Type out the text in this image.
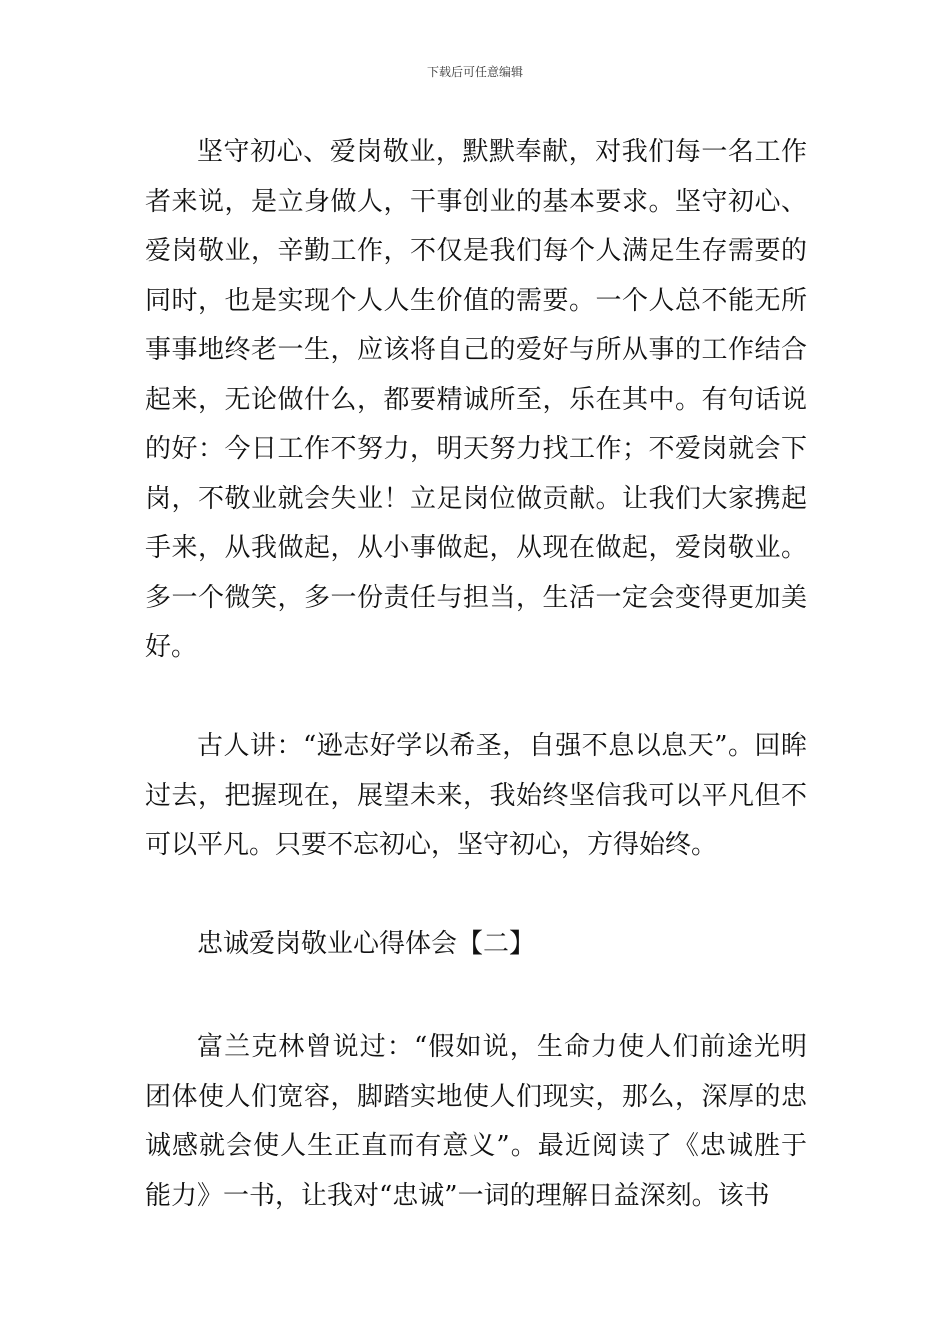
下载后可任意编辑

坚守初心、爱岗敬业，默默奉献，对我们每一名工作者来说，是立身做人，干事创业的基本要求。坚守初心、爱岗敬业，辛勤工作，不仅是我们每个人满足生存需要的同时，也是实现个人人生价值的需要。一个人总不能无所事事地终老一生，应该将自己的爱好与所从事的工作结合起来，无论做什么，都要精诚所至，乐在其中。有句话说的好：今日工作不努力，明天努力找工作；不爱岗就会下岗，不敬业就会失业！立足岗位做贡献。让我们大家携起手来，从我做起，从小事做起，从现在做起，爱岗敬业。多一个微笑，多一份责任与担当，生活一定会变得更加美好。

古人讲：“逊志好学以希圣，自强不息以息天”。回眸过去，把握现在，展望未来，我始终坚信我可以平凡但不可以平凡。只要不忘初心，坚守初心，方得始终。

忠诚爱岗敬业心得体会【二】

富兰克林曾说过：“假如说，生命力使人们前途光明团体使人们宽容，脚踏实地使人们现实，那么，深厚的忠诚感就会使人生正直而有意义”。最近阅读了《忠诚胜于能力》一书，让我对“忠诚”一词的理解日益深刻。该书
